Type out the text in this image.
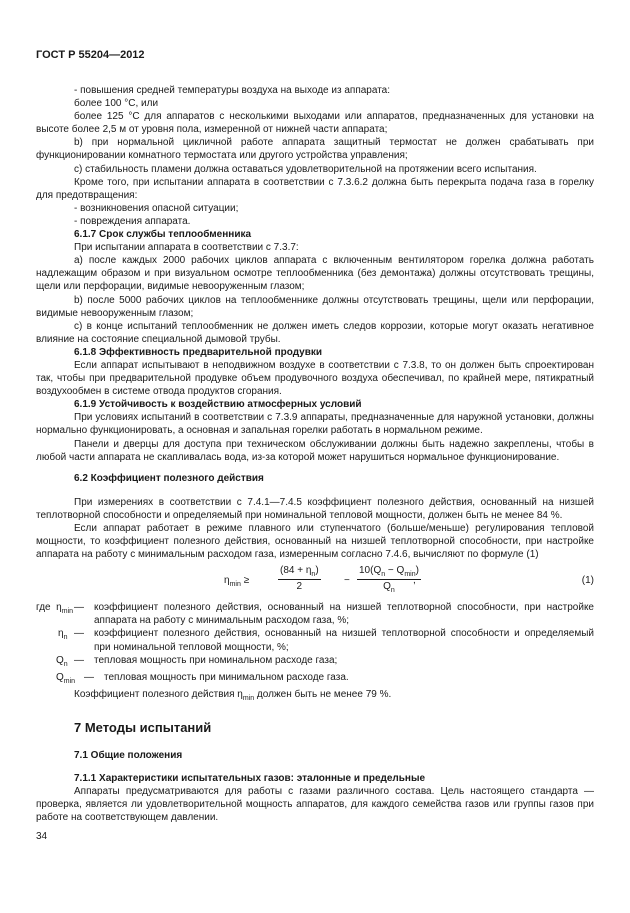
ГОСТ Р 55204—2012

- повышения средней температуры воздуха на выходе из аппарата:

более 100 °С, или

более 125 °С для аппаратов с несколькими выходами или аппаратов, предназначенных для установки на высоте более 2,5 м от уровня пола, измеренной от нижней части аппарата;

b) при нормальной цикличной работе аппарата защитный термостат не должен срабатывать при функционировании комнатного термостата или другого устройства управления;

с) стабильность пламени должна оставаться удовлетворительной на протяжении всего испытания.

Кроме того, при испытании аппарата в соответствии с 7.3.6.2 должна быть перекрыта подача газа в горелку для предотвращения:

- возникновения опасной ситуации;

- повреждения аппарата.

6.1.7 Срок службы теплообменника

При испытании аппарата в соответствии с 7.3.7:

а) после каждых 2000 рабочих циклов аппарата с включенным вентилятором горелка должна работать надлежащим образом и при визуальном осмотре теплообменника (без демонтажа) должны отсутствовать трещины, щели или перфорации, видимые невооруженным глазом;

b) после 5000 рабочих циклов на теплообменнике должны отсутствовать трещины, щели или перфорации, видимые невооруженным глазом;

с) в конце испытаний теплообменник не должен иметь следов коррозии, которые могут оказать негативное влияние на состояние специальной дымовой трубы.

6.1.8 Эффективность предварительной продувки

Если аппарат испытывают в неподвижном воздухе в соответствии с 7.3.8, то он должен быть спроектирован так, чтобы при предварительной продувке объем продувочного воздуха обеспечивал, по крайней мере, пятикратный воздухообмен в системе отвода продуктов сгорания.

6.1.9 Устойчивость к воздействию атмосферных условий

При условиях испытаний в соответствии с 7.3.9 аппараты, предназначенные для наружной установки, должны нормально функционировать, а основная и запальная горелки работать в нормальном режиме.

Панели и дверцы для доступа при техническом обслуживании должны быть надежно закреплены, чтобы в любой части аппарата не скапливалась вода, из-за которой может нарушиться нормальное функционирование.

6.2 Коэффициент полезного действия

При измерениях в соответствии с 7.4.1—7.4.5 коэффициент полезного действия, основанный на низшей теплотворной способности и определяемый при номинальной тепловой мощности, должен быть не менее 84 %.

Если аппарат работает в режиме плавного или ступенчатого (больше/меньше) регулирования тепловой мощности, то коэффициент полезного действия, основанный на низшей теплотворной способности, при настройке аппарата на работу с минимальным расходом газа, измеренным согласно 7.4.6, вычисляют по формуле (1)

$\eta_{min}$ ≥	$\frac{(84 + \eta_n)}{2}$ −
$10(Q_n - Q_{min})$
$Q_n$
,	(1)
где $\eta_{min}$ —	коэффициент полезного действия, основанный на низшей теплотворной способности, при настройке аппарата на работу с минимальным расходом газа, %;
$\eta_n$ —	коэффициент полезного действия, основанный на низшей теплотворной способности и определяемый при номинальной тепловой мощности, %;
$Q_n$ —	тепловая мощность при номинальном расходе газа;
$Q_{min}$ —	тепловая мощность при минимальном расходе газа.

Коэффициент полезного действия $\eta_{min}$ должен быть не менее 79 %.

7 Методы испытаний
7.1 Общие положения
7.1.1 Характеристики испытательных газов: эталонные и предельные

Аппараты предусматриваются для работы с газами различного состава. Цель настоящего стандарта — проверка, является ли удовлетворительной мощность аппаратов, для каждого семейства газов или группы газов при работе на соответствующем давлении.

34
